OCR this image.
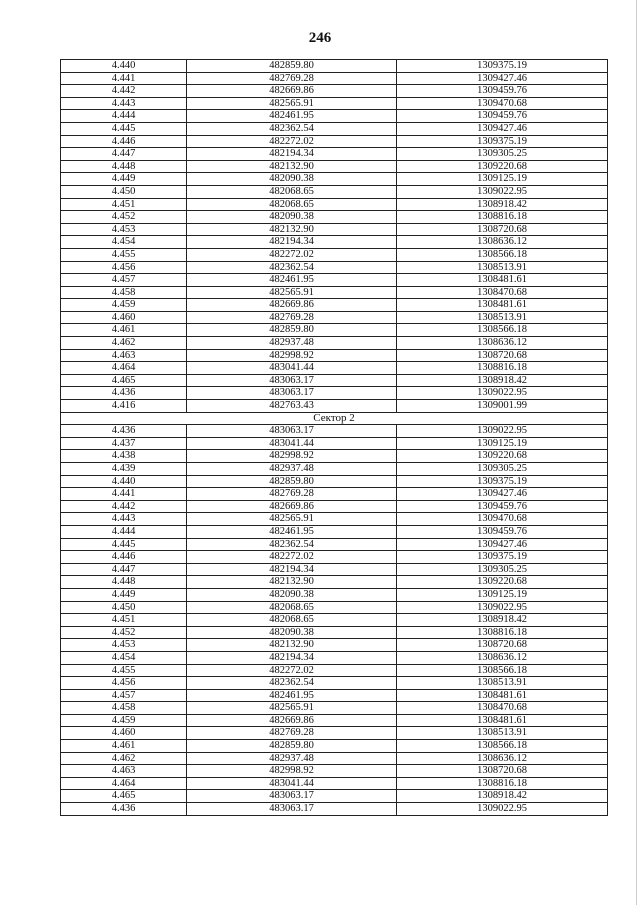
246
4.440	482859.80	1309375.19
4.441	482769.28	1309427.46
4.442	482669.86	1309459.76
4.443	482565.91	1309470.68
4.444	482461.95	1309459.76
4.445	482362.54	1309427.46
4.446	482272.02	1309375.19
4.447	482194.34	1309305.25
4.448	482132.90	1309220.68
4.449	482090.38	1309125.19
4.450	482068.65	1309022.95
4.451	482068.65	1308918.42
4.452	482090.38	1308816.18
4.453	482132.90	1308720.68
4.454	482194.34	1308636.12
4.455	482272.02	1308566.18
4.456	482362.54	1308513.91
4.457	482461.95	1308481.61
4.458	482565.91	1308470.68
4.459	482669.86	1308481.61
4.460	482769.28	1308513.91
4.461	482859.80	1308566.18
4.462	482937.48	1308636.12
4.463	482998.92	1308720.68
4.464	483041.44	1308816.18
4.465	483063.17	1308918.42
4.436	483063.17	1309022.95
4.416	482763.43	1309001.99
Сектор 2		
4.436	483063.17	1309022.95
4.437	483041.44	1309125.19
4.438	482998.92	1309220.68
4.439	482937.48	1309305.25
4.440	482859.80	1309375.19
4.441	482769.28	1309427.46
4.442	482669.86	1309459.76
4.443	482565.91	1309470.68
4.444	482461.95	1309459.76
4.445	482362.54	1309427.46
4.446	482272.02	1309375.19
4.447	482194.34	1309305.25
4.448	482132.90	1309220.68
4.449	482090.38	1309125.19
4.450	482068.65	1309022.95
4.451	482068.65	1308918.42
4.452	482090.38	1308816.18
4.453	482132.90	1308720.68
4.454	482194.34	1308636.12
4.455	482272.02	1308566.18
4.456	482362.54	1308513.91
4.457	482461.95	1308481.61
4.458	482565.91	1308470.68
4.459	482669.86	1308481.61
4.460	482769.28	1308513.91
4.461	482859.80	1308566.18
4.462	482937.48	1308636.12
4.463	482998.92	1308720.68
4.464	483041.44	1308816.18
4.465	483063.17	1308918.42
4.436	483063.17	1309022.95
